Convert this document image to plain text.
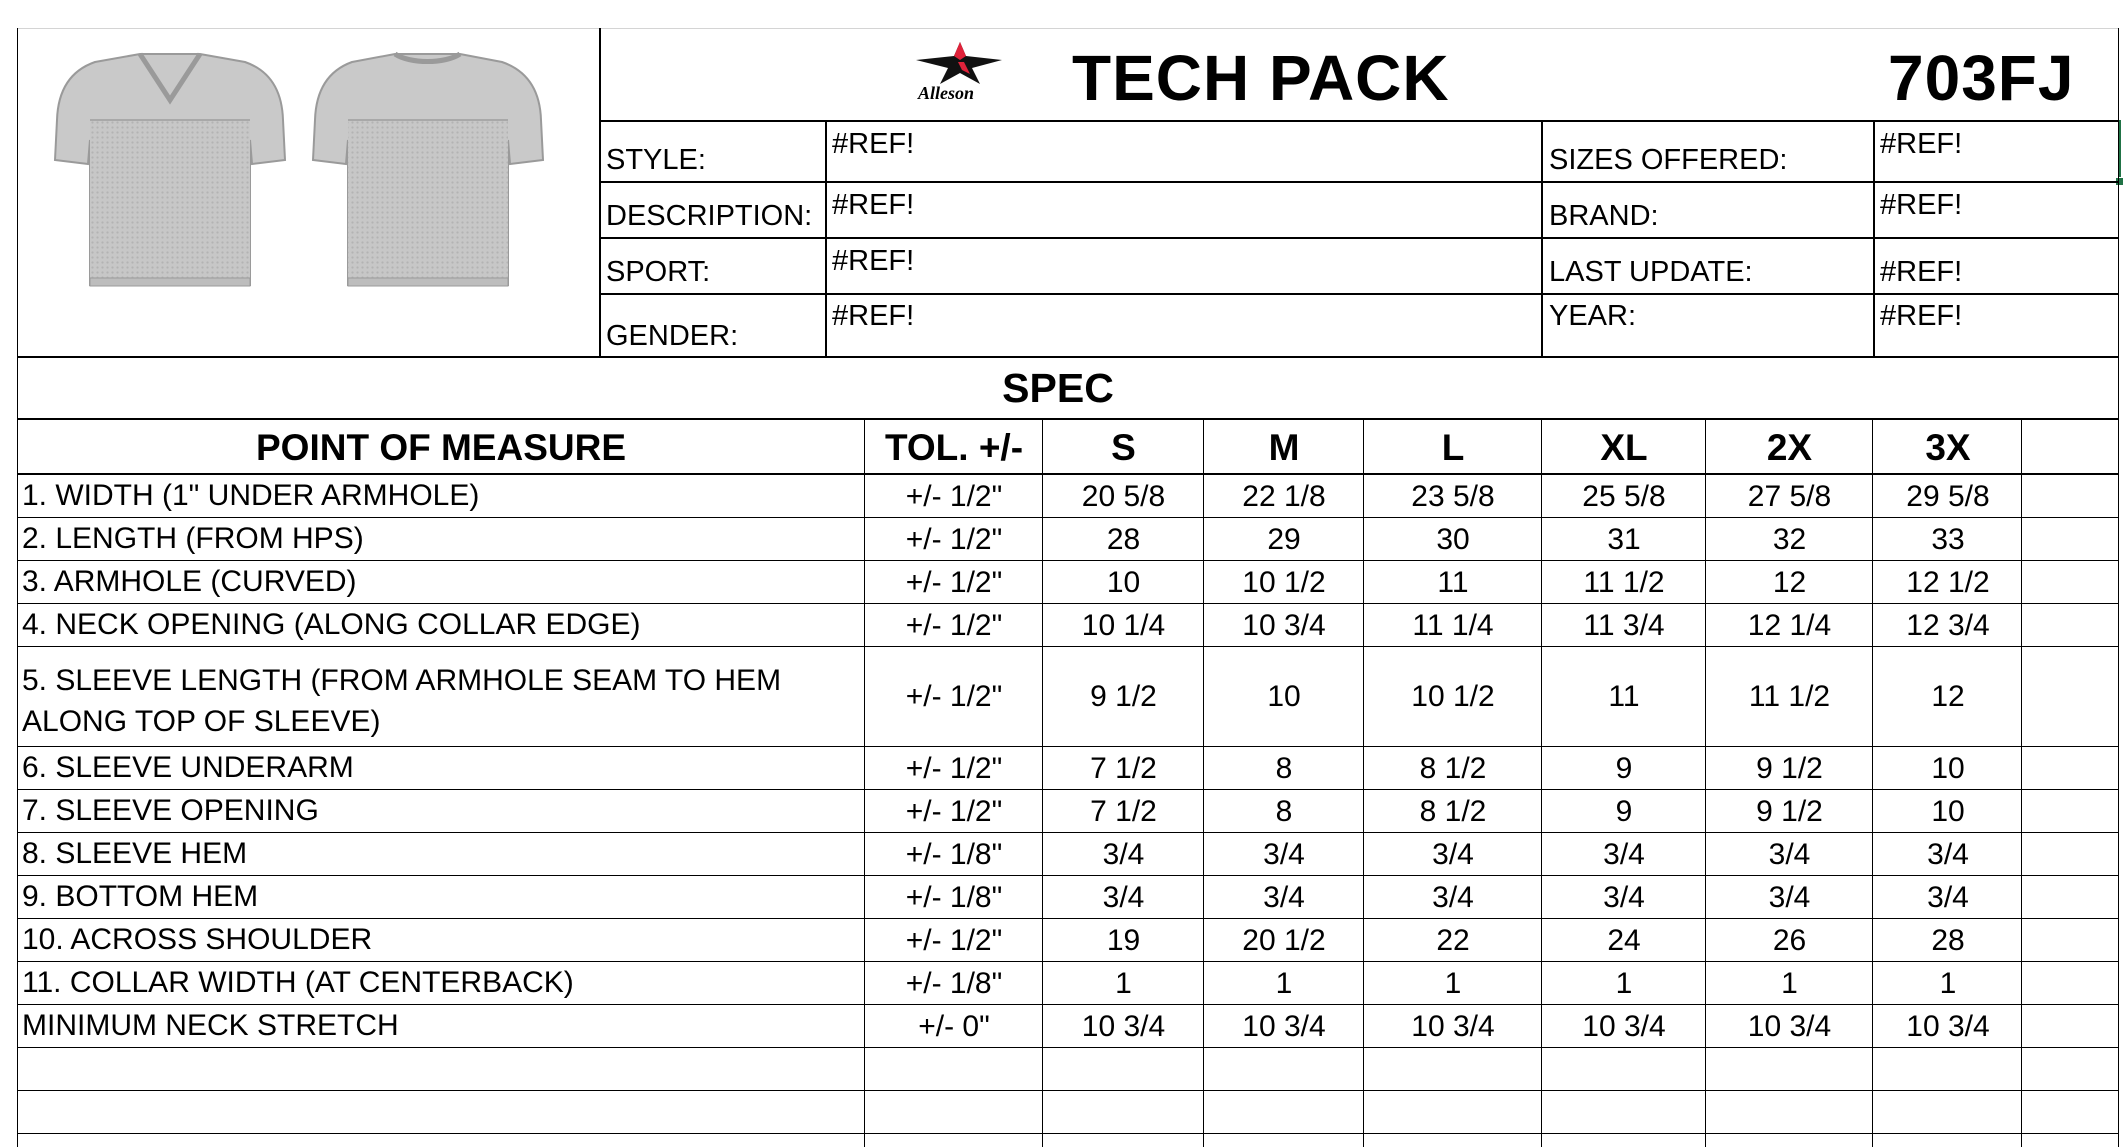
Alleson TECH PACK	703FJ
STYLE:	#REF!
DESCRIPTION: #REF!
SPORT:	#REF!
GENDER:
#REF!
SIZES OFFERED:	#REF!
BRAND:	#REF!
LAST UPDATE:	#REF!
YEAR:	#REF!
SPEC
POINT OF MEASURE	TOL. +/-	S	M	L	XL	2X	3X
1. WIDTH (1" UNDER ARMHOLE)	+/- 1/2"	20 5/8	22 1/8	23 5/8	25 5/8	27 5/8	29 5/8
2. LENGTH (FROM HPS)	+/- 1/2"	28	29	30	31	32	33
3. ARMHOLE (CURVED)	+/- 1/2"	10	10 1/2	11	11 1/2	12	12 1/2
4. NECK OPENING (ALONG COLLAR EDGE)	+/- 1/2"	10 1/4	10 3/4	11 1/4	11 3/4	12 1/4	12 3/4
5. SLEEVE LENGTH (FROM ARMHOLE SEAM TO HEM ALONG TOP OF SLEEVE)
+/- 1/2"	9 1/2	10	10 1/2	11	11 1/2	12
6. SLEEVE UNDERARM	+/- 1/2"	7 1/2	8	8 1/2	9	9 1/2	10
7. SLEEVE OPENING	+/- 1/2"	7 1/2	8	8 1/2	9	9 1/2	10
8. SLEEVE HEM	+/- 1/8"	3/4	3/4	3/4	3/4	3/4	3/4
9. BOTTOM HEM	+/- 1/8"	3/4	3/4	3/4	3/4	3/4	3/4
10. ACROSS SHOULDER	+/- 1/2"	19	20 1/2	22	24	26	28
11. COLLAR WIDTH (AT CENTERBACK)	+/- 1/8"	1	1	1	1	1	1
MINIMUM NECK STRETCH	+/- 0"	10 3/4	10 3/4	10 3/4	10 3/4	10 3/4	10 3/4
